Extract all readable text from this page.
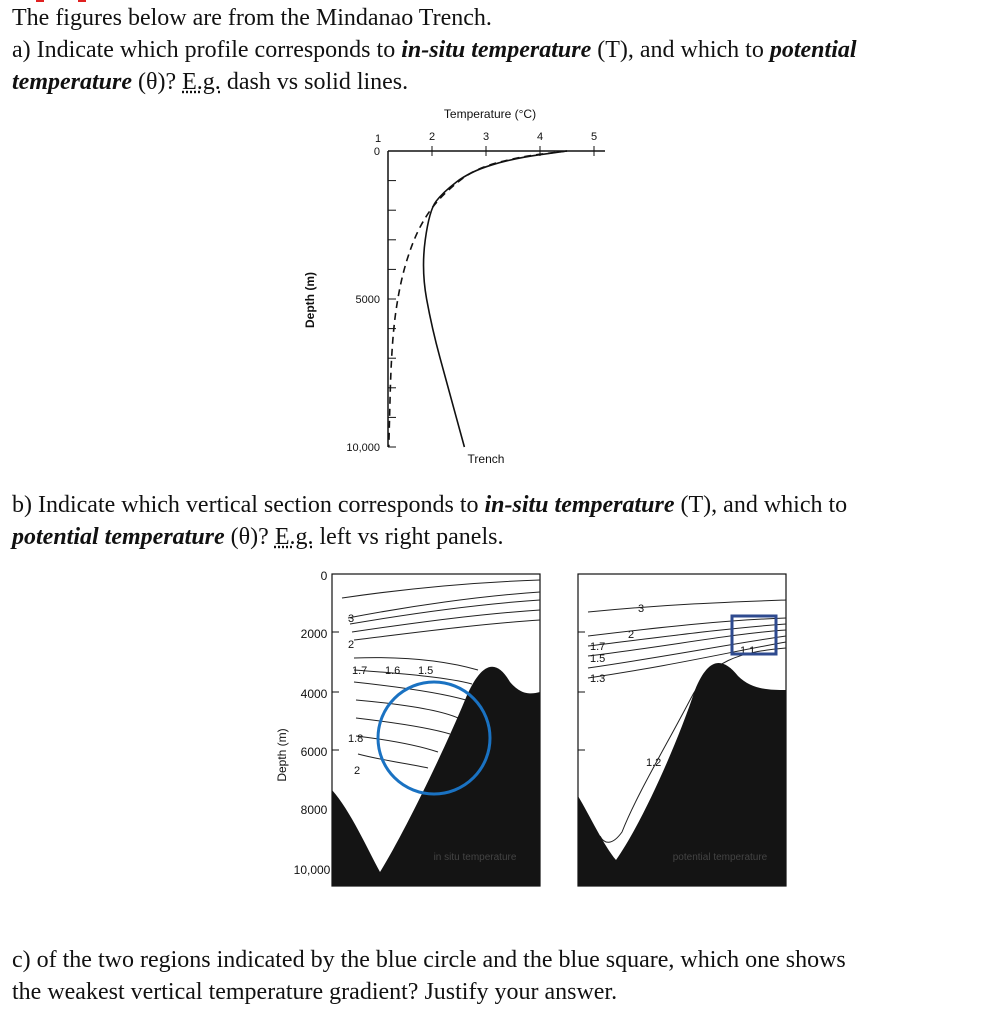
The figures below are from the Mindanao Trench.

a) Indicate which profile corresponds to in-situ temperature (T), and which to potential
temperature (θ)? E.g. dash vs solid lines.

b) Indicate which vertical section corresponds to in-situ temperature (T), and which to
potential temperature (θ)? E.g. left vs right panels.

c) of the two regions indicated by the blue circle and the blue square, which one shows
the weakest vertical temperature gradient? Justify your answer.

Temperature (°C)
1	2	3	4	5
0
5000
10,000
Depth (m)
Trench
Depth (m)
0
2000
4000
6000
8000
10,000
in situ temperature
3
2
1.7 1.6 1.5
1.8
2
potential temperature
3
2
1.7
1.5
1.3
1.1
1.2
